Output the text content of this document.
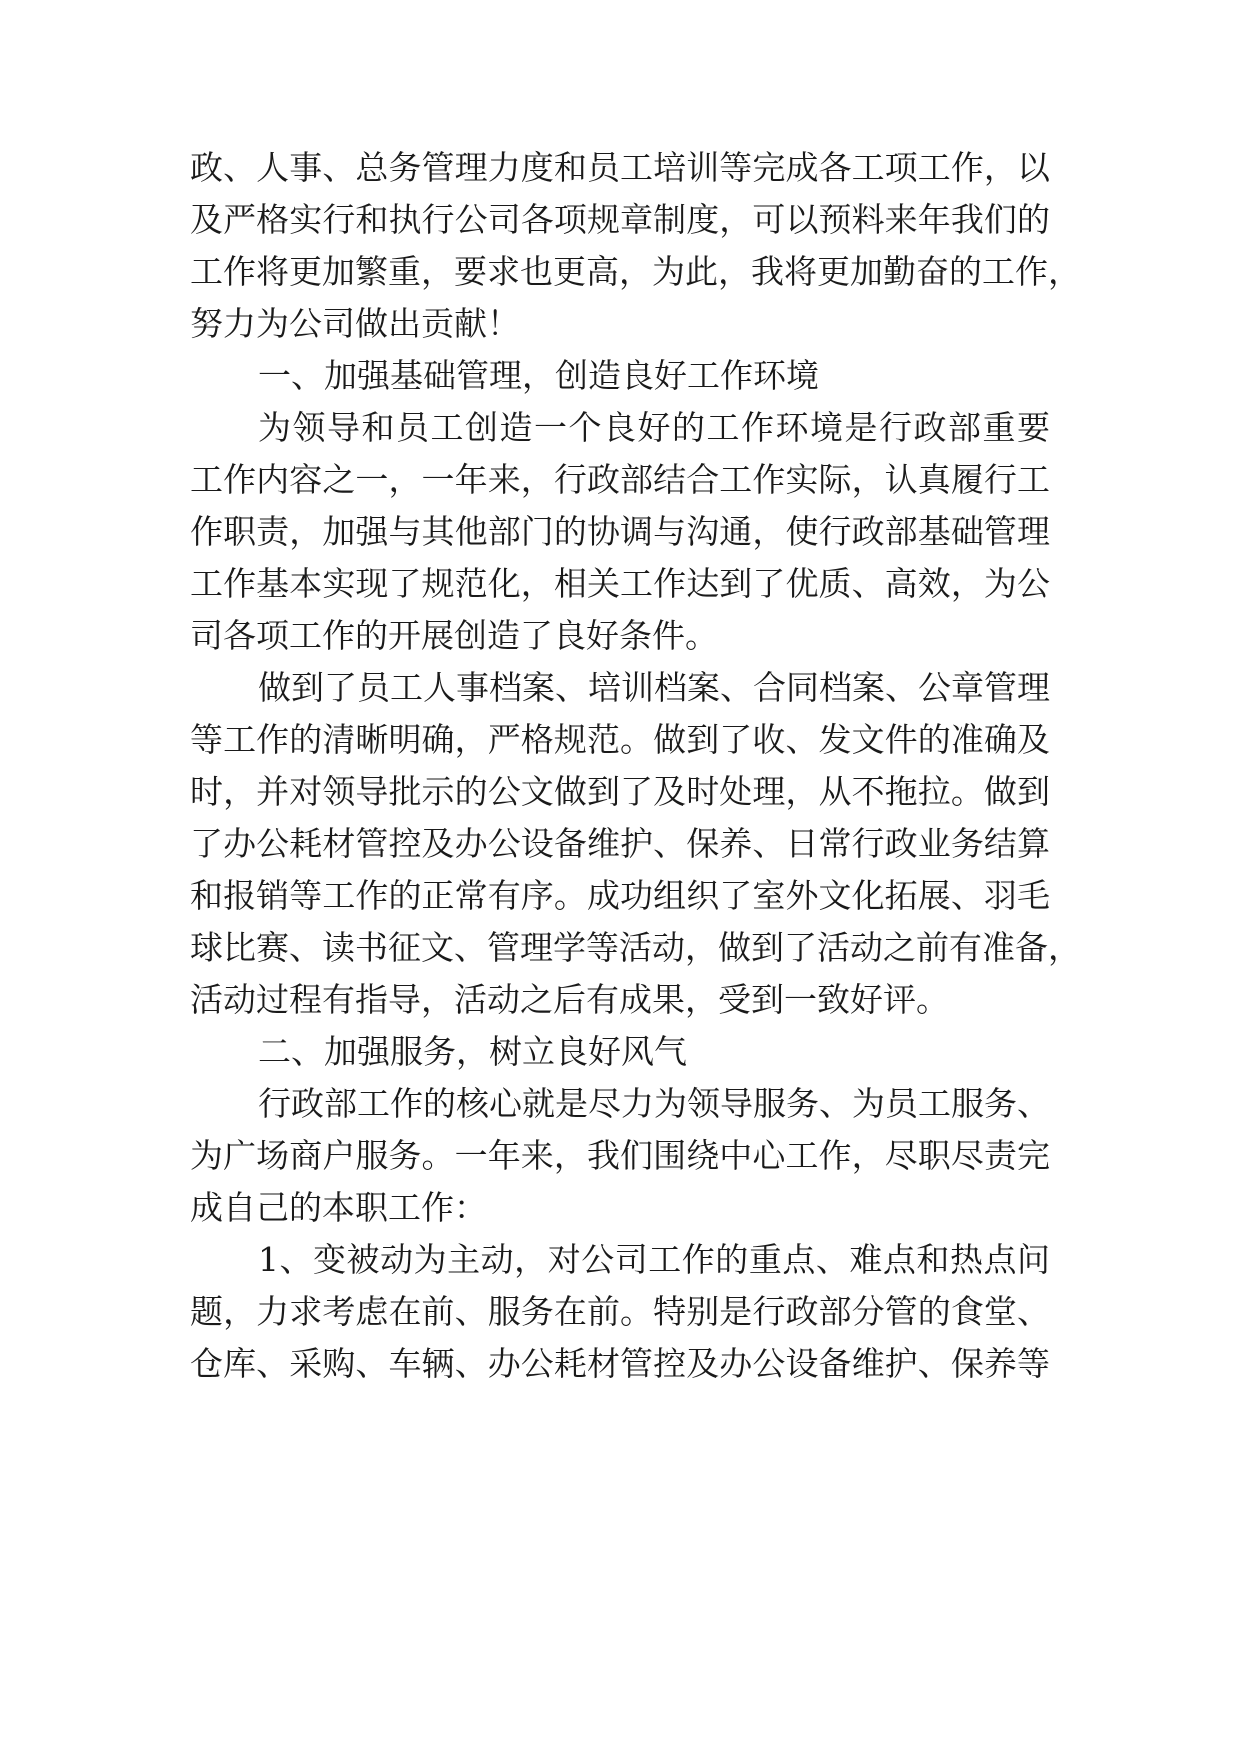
政、人事、总务管理力度和员工培训等完成各工项工作，以
及严格实行和执行公司各项规章制度，可以预料来年我们的
工作将更加繁重，要求也更高，为此，我将更加勤奋的工作，
努力为公司做出贡献！
一、加强基础管理，创造良好工作环境
为领导和员工创造一个良好的工作环境是行政部重要
工作内容之一，一年来，行政部结合工作实际，认真履行工
作职责，加强与其他部门的协调与沟通，使行政部基础管理
工作基本实现了规范化，相关工作达到了优质、高效，为公
司各项工作的开展创造了良好条件。
做到了员工人事档案、培训档案、合同档案、公章管理
等工作的清晰明确，严格规范。做到了收、发文件的准确及
时，并对领导批示的公文做到了及时处理，从不拖拉。做到
了办公耗材管控及办公设备维护、保养、日常行政业务结算
和报销等工作的正常有序。成功组织了室外文化拓展、羽毛
球比赛、读书征文、管理学等活动，做到了活动之前有准备，
活动过程有指导，活动之后有成果，受到一致好评。
二、加强服务，树立良好风气
行政部工作的核心就是尽力为领导服务、为员工服务、
为广场商户服务。一年来，我们围绕中心工作，尽职尽责完
成自己的本职工作：
1、变被动为主动，对公司工作的重点、难点和热点问
题，力求考虑在前、服务在前。特别是行政部分管的食堂、
仓库、采购、车辆、办公耗材管控及办公设备维护、保养等
